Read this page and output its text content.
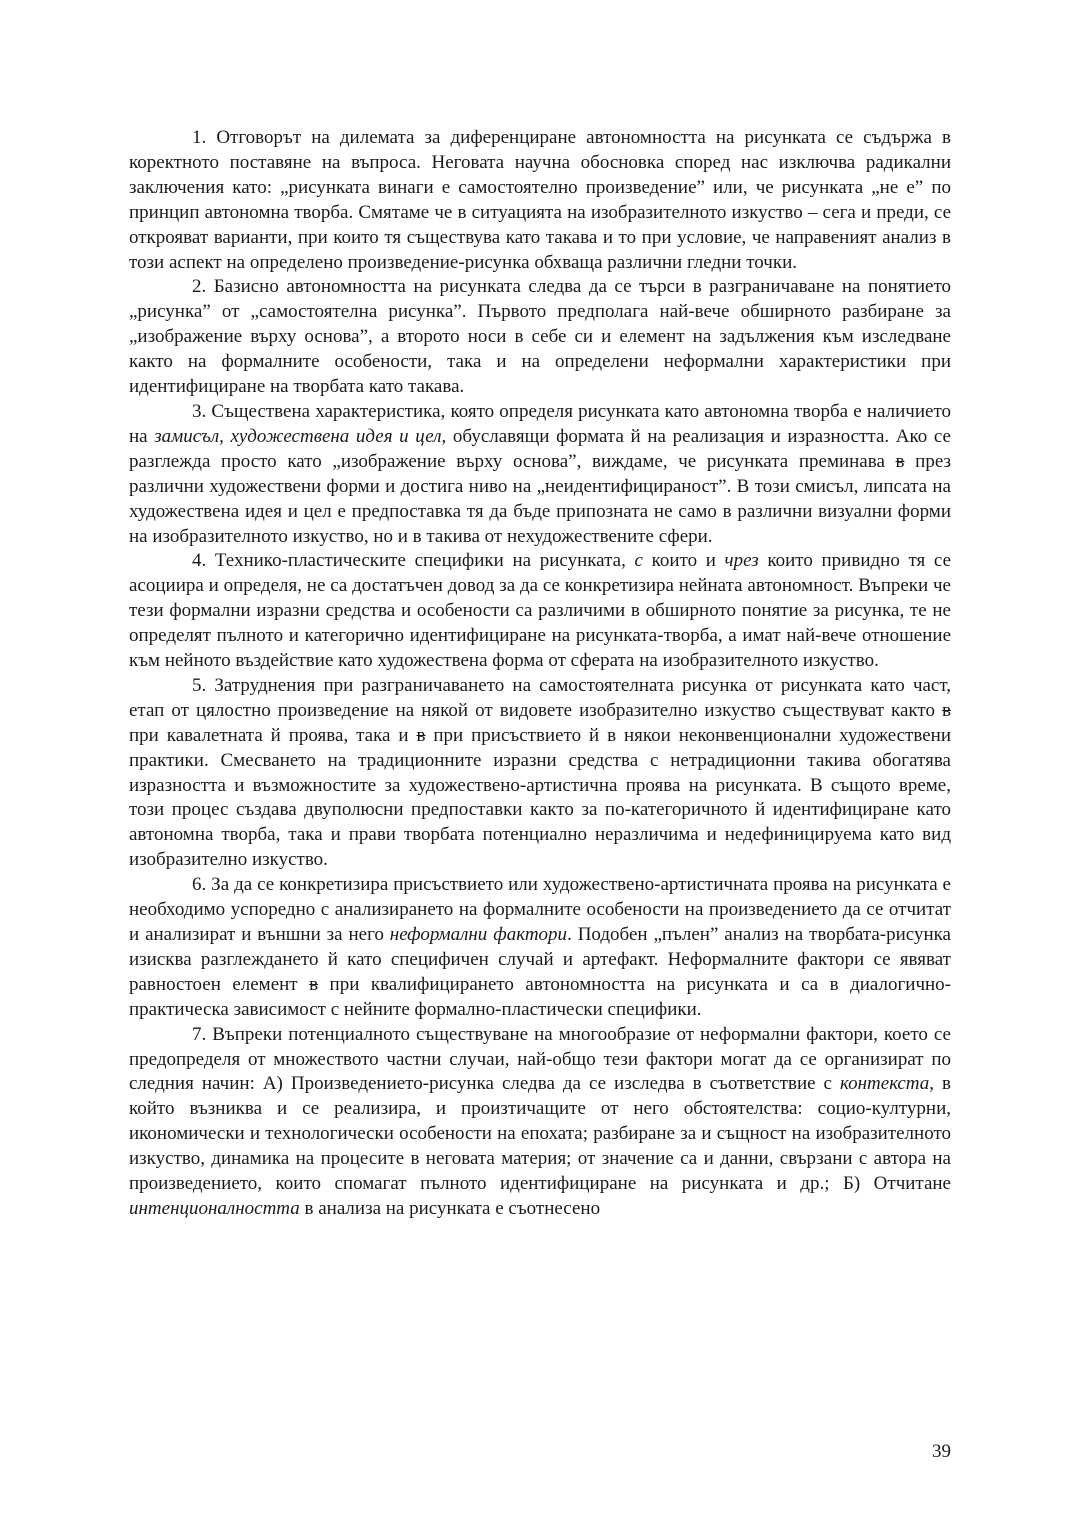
1. Отговорът на дилемата за диференциране автономността на рисунката се съдържа в коректното поставяне на въпроса. Неговата научна обосновка според нас изключва радикални заключения като: „рисунката винаги е самостоятелно произведение” или, че рисунката „не е” по принцип автономна творба. Смятаме че в ситуацията на изобразителното изкуство – сега и преди, се открояват варианти, при които тя съществува като такава и то при условие, че направеният анализ в този аспект на определено произведение-рисунка обхваща различни гледни точки.

2. Базисно автономността на рисунката следва да се търси в разграничаване на понятието „рисунка” от „самостоятелна рисунка”. Първото предполага най-вече обширното разбиране за „изображение върху основа”, а второто носи в себе си и елемент на задължения към изследване както на формалните особености, така и на определени неформални характеристики при идентифициране на творбата като такава.

3. Съществена характеристика, която определя рисунката като автономна творба е наличието на замисъл, художествена идея и цел, обуславящи формата й на реализация и изразността. Ако се разглежда просто като „изображение върху основа”, виждаме, че рисунката преминава в през различни художествени форми и достига ниво на „неидентифицираност”. В този смисъл, липсата на художествена идея и цел е предпоставка тя да бъде припозната не само в различни визуални форми на изобразителното изкуство, но и в такива от нехудожествените сфери.

4. Технико-пластическите специфики на рисунката, с които и чрез които привидно тя се асоциира и определя, не са достатъчен довод за да се конкретизира нейната автономност. Въпреки че тези формални изразни средства и особености са различими в обширното понятие за рисунка, те не определят пълното и категорично идентифициране на рисунката-творба, а имат най-вече отношение към нейното въздействие като художествена форма от сферата на изобразителното изкуство.

5. Затруднения при разграничаването на самостоятелната рисунка от рисунката като част, етап от цялостно произведение на някой от видовете изобразително изкуство съществуват както в при кавалетната й проява, така и в при присъствието й в някои неконвенционални художествени практики. Смесването на традиционните изразни средства с нетрадиционни такива обогатява изразността и възможностите за художествено-артистична проява на рисунката. В същото време, този процес създава двуполюсни предпоставки както за по-категоричното й идентифициране като автономна творба, така и прави творбата потенциално неразличима и недефиницируема като вид изобразително изкуство.

6. За да се конкретизира присъствието или художествено-артистичната проява на рисунката е необходимо успоредно с анализирането на формалните особености на произведението да се отчитат и анализират и външни за него неформални фактори. Подобен „пълен” анализ на творбата-рисунка изисква разглеждането й като специфичен случай и артефакт. Неформалните фактори се явяват равностоен елемент в при квалифицирането автономността на рисунката и са в диалогично-практическа зависимост с нейните формално-пластически специфики.

7. Въпреки потенциалното съществуване на многообразие от неформални фактори, което се предопределя от множеството частни случаи, най-общо тези фактори могат да се организират по следния начин: А) Произведението-рисунка следва да се изследва в съответствие с контекста, в който възниква и се реализира, и произтичащите от него обстоятелства: социо-културни, икономически и технологически особености на епохата; разбиране за и същност на изобразителното изкуство, динамика на процесите в неговата материя; от значение са и данни, свързани с автора на произведението, които спомагат пълното идентифициране на рисунката и др.; Б) Отчитане интенционалността в анализа на рисунката е съотнесено

39
